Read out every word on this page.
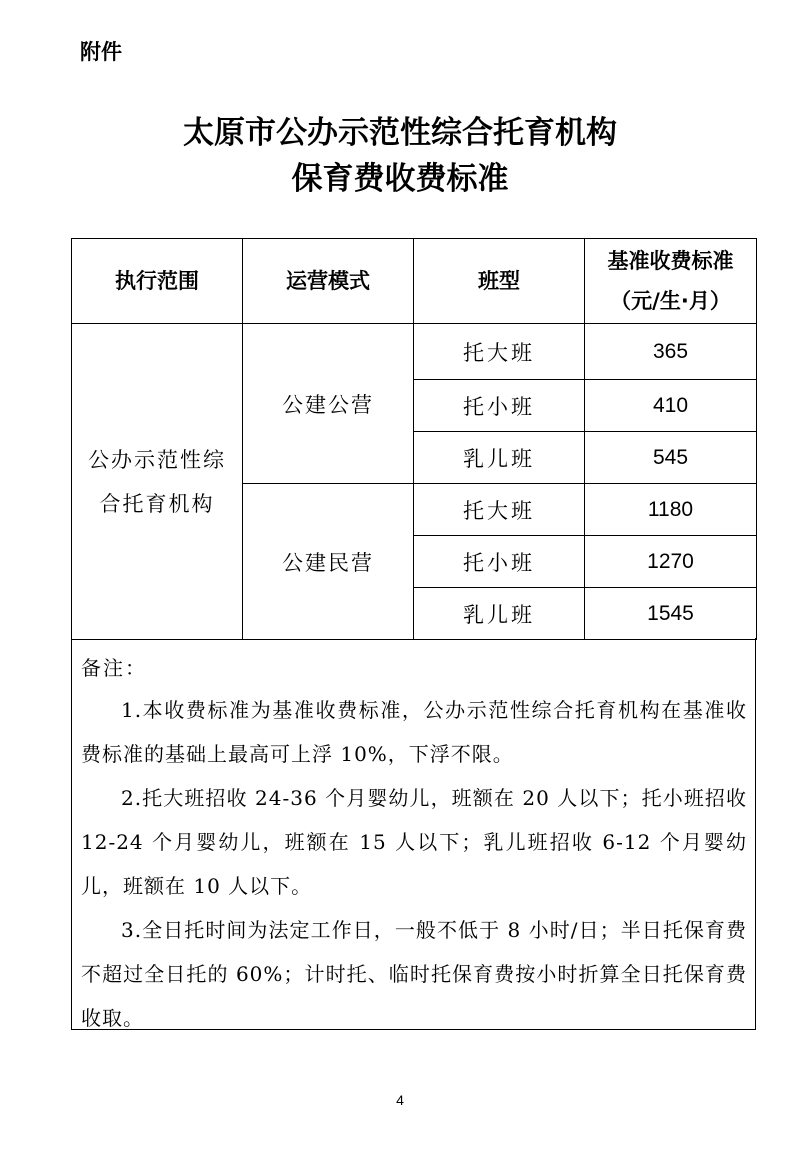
附件
太原市公办示范性综合托育机构
保育费收费标准
执行范围	运营模式	班型	基准收费标准
（元/生·月）

公办示范性综
合托育机构	公建公营	托大班	365
		托小班	410
		乳儿班	545
	公建民营	托大班	1180
		托小班	1270
		乳儿班	1545
备注：
1.本收费标准为基准收费标准，公办示范性综合托育机构在基准收费标准的基础上最高可上浮 10%，下浮不限。
2.托大班招收 24-36 个月婴幼儿，班额在 20 人以下；托小班招收 12-24 个月婴幼儿，班额在 15 人以下；乳儿班招收 6-12 个月婴幼儿，班额在 10 人以下。
3.全日托时间为法定工作日，一般不低于 8 小时/日；半日托保育费不超过全日托的 60%；计时托、临时托保育费按小时折算全日托保育费收取。
4
